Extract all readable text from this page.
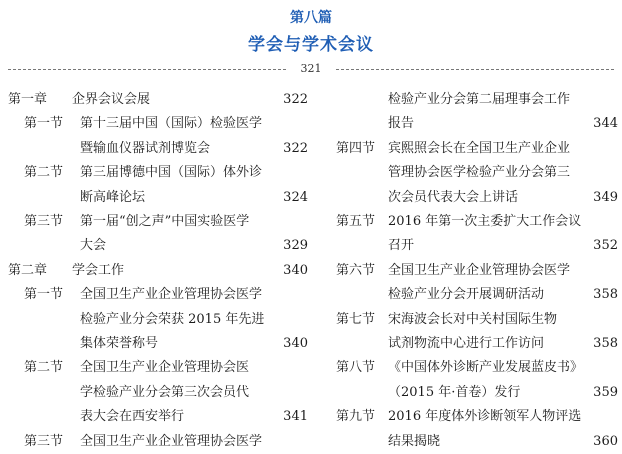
第八篇
学会与学术会议
321
第一章 企界会议会展	322
第一节 第十三届中国（国际）检验医学
暨输血仪器试剂博览会	322
第二节 第三届博德中国（国际）体外诊
断高峰论坛	324
第三节 第一届“创之声”中国实验医学
大会	329
第二章 学会工作	340
第一节 全国卫生产业企业管理协会医学
检验产业分会荣获 2015 年先进
集体荣誉称号	340
第二节 全国卫生产业企业管理协会医
学检验产业分会第三次会员代
表大会在西安举行	341
第三节 全国卫生产业企业管理协会医学
检验产业分会第二届理事会工作
报告	344
第四节 宾熙照会长在全国卫生产业企业
管理协会医学检验产业分会第三
次会员代表大会上讲话	349
第五节 2016 年第一次主委扩大工作会议
召开	352
第六节 全国卫生产业企业管理协会医学
检验产业分会开展调研活动	358
第七节 宋海波会长对中关村国际生物
试剂物流中心进行工作访问	358
第八节 《中国体外诊断产业发展蓝皮书》
（2015 年·首卷）发行	359
第九节 2016 年度体外诊断领军人物评选
结果揭晓	360
